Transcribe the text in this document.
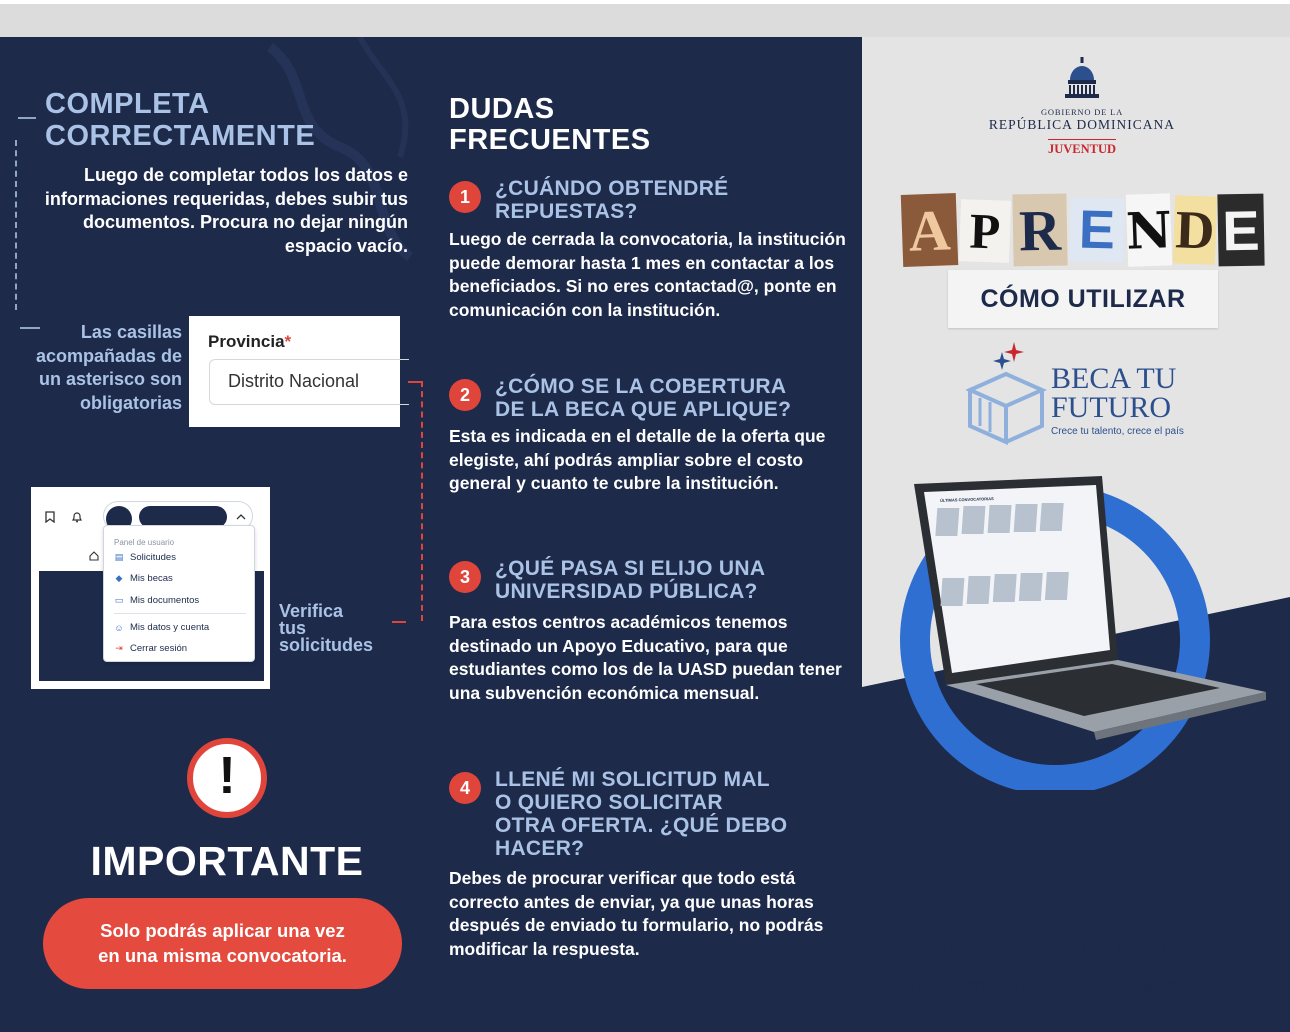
COMPLETA
CORRECTAMENTE
Luego de completar todos los datos e informaciones requeridas, debes subir tus documentos. Procura no dejar ningún espacio vacío.
Las casillas acompañadas de un asterisco son obligatorias
Provincia*
Distrito Nacional
Panel de usuario
▤ Solicitudes
◆ Mis becas
▭ Mis documentos
☺ Mis datos y cuenta
⇥ Cerrar sesión
Verifica
tus
solicitudes
!
IMPORTANTE
Solo podrás aplicar una vez
en una misma convocatoria.
DUDAS
FRECUENTES
1	¿CUÁNDO OBTENDRÉ
REPUESTAS?
Luego de cerrada la convocatoria, la institución puede demorar hasta 1 mes en contactar a los beneficiados. Si no eres contactad@, ponte en comunicación con la institución.
2	¿CÓMO SE LA COBERTURA
DE LA BECA QUE APLIQUE?
Esta es indicada en el detalle de la oferta que elegiste, ahí podrás ampliar sobre el costo general y cuanto te cubre la institución.
3	¿QUÉ PASA SI ELIJO UNA
UNIVERSIDAD PÚBLICA?
Para estos centros académicos tenemos destinado un Apoyo Educativo, para que estudiantes como los de la UASD puedan tener una subvención económica mensual.
4	LLENÉ MI SOLICITUD MAL
O QUIERO SOLICITAR
OTRA OFERTA. ¿QUÉ DEBO
HACER?
Debes de procurar verificar que todo está correcto antes de enviar, ya que unas horas después de enviado tu formulario, no podrás modificar la respuesta.
GOBIERNO DE LA
REPÚBLICA DOMINICANA
JUVENTUD
A P R E N D E
CÓMO UTILIZAR
BECA TU
FUTURO
Crece tu talento, crece el país
ÚLTIMAS CONVOCATORIAS
✆ 809-508-7227 ext 1607 | 1605 | 1600
✉ becas@juventud.gob.do	◎ @juventudrd
